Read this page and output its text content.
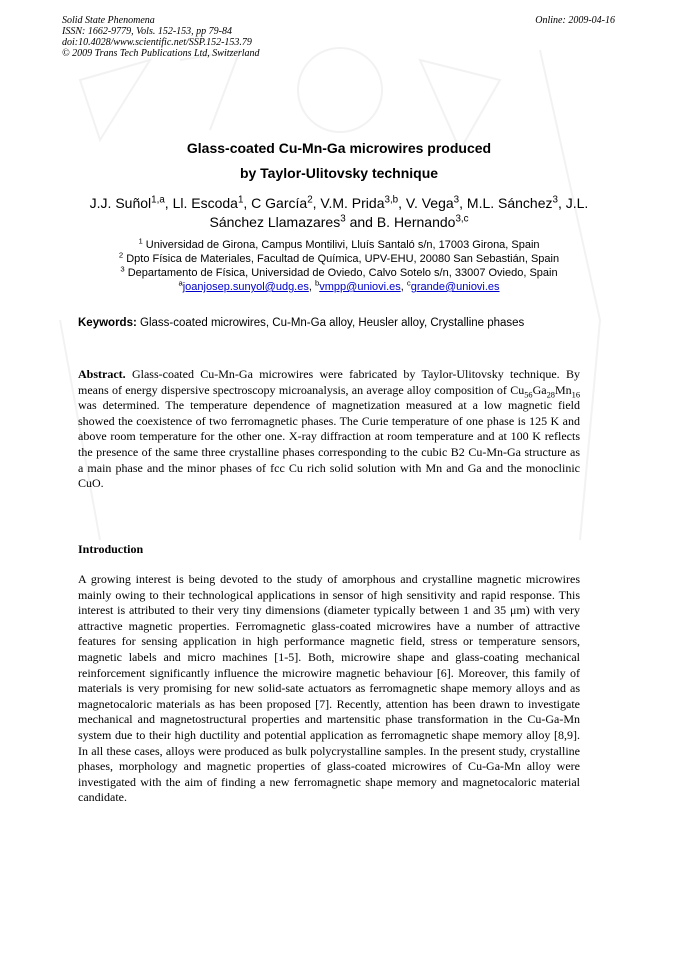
Solid State Phenomena
ISSN: 1662-9779, Vols. 152-153, pp 79-84
doi:10.4028/www.scientific.net/SSP.152-153.79
© 2009 Trans Tech Publications Ltd, Switzerland
Online: 2009-04-16
Glass-coated Cu-Mn-Ga microwires produced
by Taylor-Ulitovsky technique
J.J. Suñol$^{1,a}$, Ll. Escoda$^1$, C García$^2$, V.M. Prida$^{3,b}$, V. Vega$^3$, M.L. Sánchez$^3$, J.L. Sánchez Llamazares$^3$ and B. Hernando$^{3,c}$
$^1$ Universidad de Girona, Campus Montilivi, Lluís Santaló s/n, 17003 Girona, Spain
$^2$ Dpto Física de Materiales, Facultad de Química, UPV-EHU, 20080 San Sebastián, Spain
$^3$ Departamento de Física, Universidad de Oviedo, Calvo Sotelo s/n, 33007 Oviedo, Spain
$^a$joanjosep.sunyol@udg.es, $^b$vmpp@uniovi.es, $^c$grande@uniovi.es
Keywords: Glass-coated microwires, Cu-Mn-Ga alloy, Heusler alloy, Crystalline phases
Abstract. Glass-coated Cu-Mn-Ga microwires were fabricated by Taylor-Ulitovsky technique. By means of energy dispersive spectroscopy microanalysis, an average alloy composition of $Cu_{56}Ga_{28}Mn_{16}$ was determined. The temperature dependence of magnetization measured at a low magnetic field showed the coexistence of two ferromagnetic phases. The Curie temperature of one phase is 125 K and above room temperature for the other one. X-ray diffraction at room temperature and at 100 K reflects the presence of the same three crystalline phases corresponding to the cubic B2 Cu-Mn-Ga structure as a main phase and the minor phases of fcc Cu rich solid solution with Mn and Ga and the monoclinic CuO.
Introduction
A growing interest is being devoted to the study of amorphous and crystalline magnetic microwires mainly owing to their technological applications in sensor of high sensitivity and rapid response. This interest is attributed to their very tiny dimensions (diameter typically between 1 and 35 μm) with very attractive magnetic properties. Ferromagnetic glass-coated microwires have a number of attractive features for sensing application in high performance magnetic field, stress or temperature sensors, magnetic labels and micro machines [1-5]. Both, microwire shape and glass-coating mechanical reinforcement significantly influence the microwire magnetic behaviour [6]. Moreover, this family of materials is very promising for new solid-sate actuators as ferromagnetic shape memory alloys and as magnetocaloric materials as has been proposed [7]. Recently, attention has been drawn to investigate mechanical and magnetostructural properties and martensitic phase transformation in the Cu-Ga-Mn system due to their high ductility and potential application as ferromagnetic shape memory alloy [8,9]. In all these cases, alloys were produced as bulk polycrystalline samples. In the present study, crystalline phases, morphology and magnetic properties of glass-coated microwires of Cu-Ga-Mn alloy were investigated with the aim of finding a new ferromagnetic shape memory and magnetocaloric material candidate.
